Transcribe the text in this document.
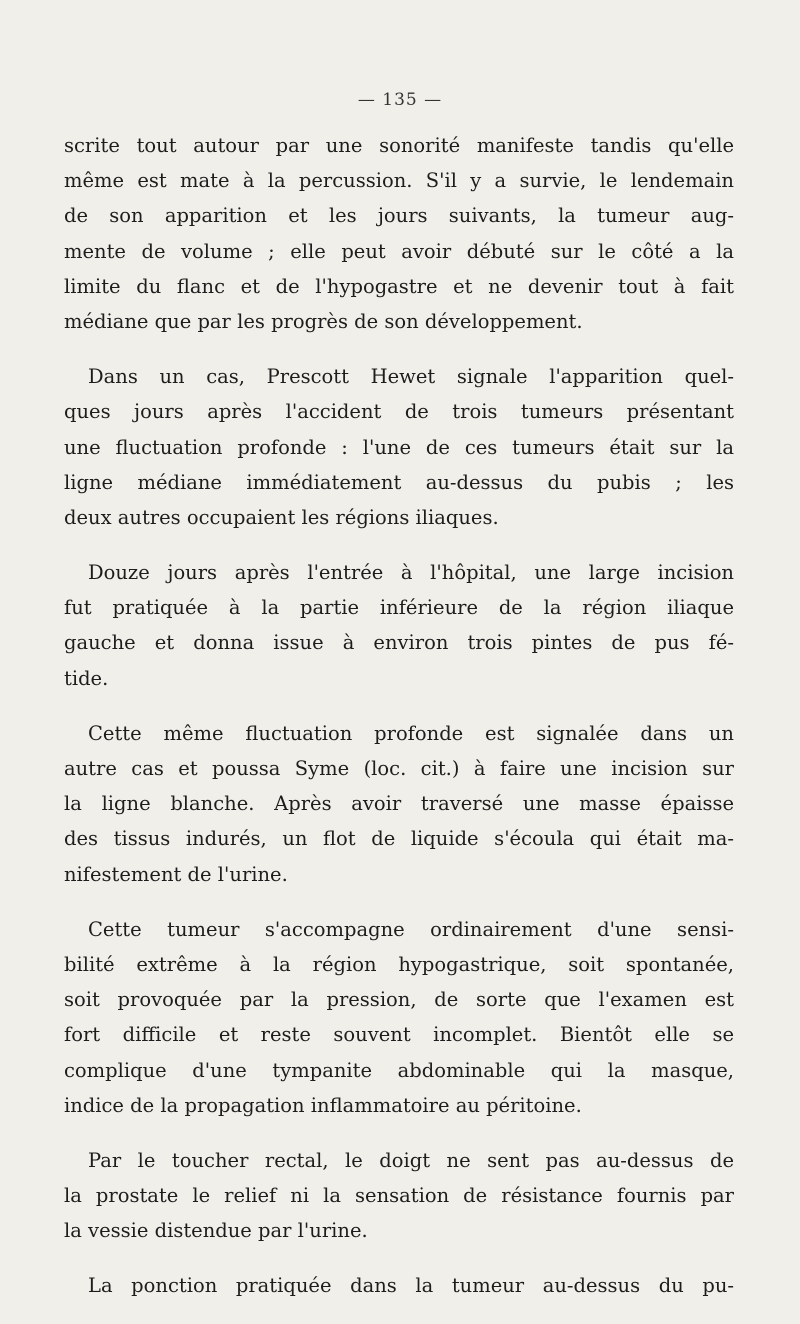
— 135 —
scrite tout autour par une sonorité manifeste tandis qu'elle
même est mate à la percussion. S'il y a survie, le lendemain
de son apparition et les jours suivants, la tumeur aug-
mente de volume ; elle peut avoir débuté sur le côté a la
limite du flanc et de l'hypogastre et ne devenir tout à fait
médiane que par les progrès de son développement.
Dans un cas, Prescott Hewet signale l'apparition quel-
ques jours après l'accident de trois tumeurs présentant
une fluctuation profonde : l'une de ces tumeurs était sur la
ligne médiane immédiatement au-dessus du pubis ; les
deux autres occupaient les régions iliaques.
Douze jours après l'entrée à l'hôpital, une large incision
fut pratiquée à la partie inférieure de la région iliaque
gauche et donna issue à environ trois pintes de pus fé-
tide.
Cette même fluctuation profonde est signalée dans un
autre cas et poussa Syme (loc. cit.) à faire une incision sur
la ligne blanche. Après avoir traversé une masse épaisse
des tissus indurés, un flot de liquide s'écoula qui était ma-
nifestement de l'urine.
Cette tumeur s'accompagne ordinairement d'une sensi-
bilité extrême à la région hypogastrique, soit spontanée,
soit provoquée par la pression, de sorte que l'examen est
fort difficile et reste souvent incomplet. Bientôt elle se
complique d'une tympanite abdominable qui la masque,
indice de la propagation inflammatoire au péritoine.
Par le toucher rectal, le doigt ne sent pas au-dessus de
la prostate le relief ni la sensation de résistance fournis par
la vessie distendue par l'urine.
La ponction pratiquée dans la tumeur au-dessus du pu-
